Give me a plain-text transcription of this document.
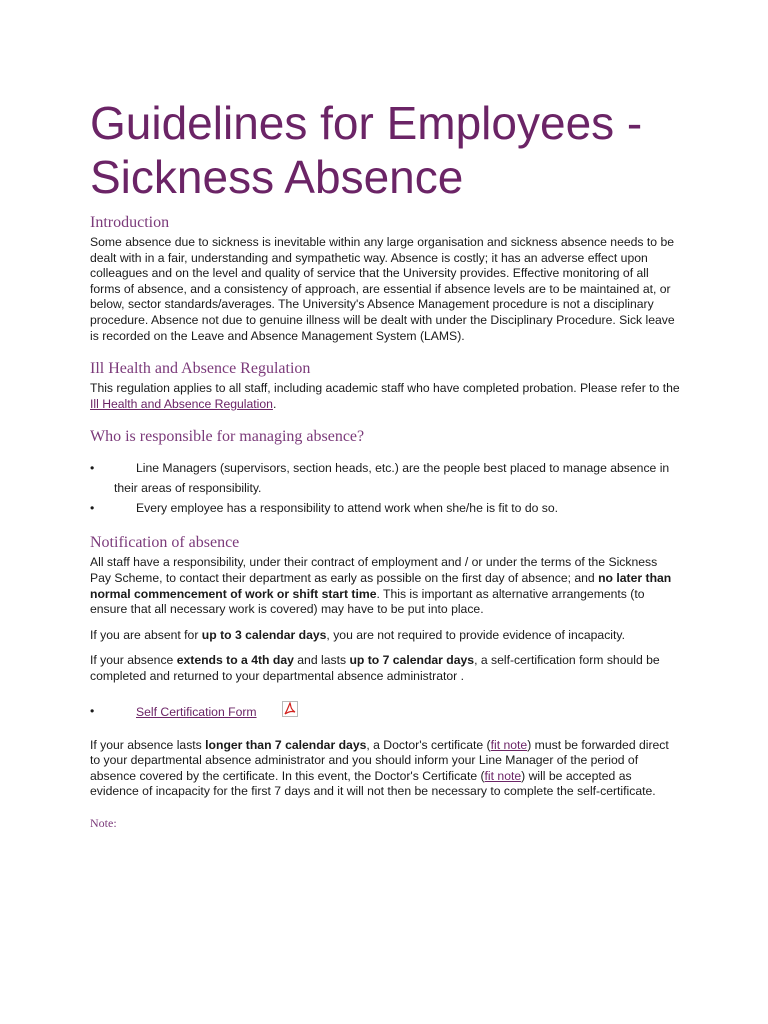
Guidelines for Employees -
Sickness Absence
Introduction

Some absence due to sickness is inevitable within any large organisation and sickness absence needs to be dealt with in a fair, understanding and sympathetic way. Absence is costly; it has an adverse effect upon colleagues and on the level and quality of service that the University provides. Effective monitoring of all forms of absence, and a consistency of approach, are essential if absence levels are to be maintained at, or below, sector standards/averages. The University's Absence Management procedure is not a disciplinary procedure. Absence not due to genuine illness will be dealt with under the Disciplinary Procedure. Sick leave is recorded on the Leave and Absence Management System (LAMS).

Ill Health and Absence Regulation

This regulation applies to all staff, including academic staff who have completed probation. Please refer to the Ill Health and Absence Regulation.

Who is responsible for managing absence?
•	Line Managers (supervisors, section heads, etc.) are the people best placed to manage absence in their areas of responsibility.
•	Every employee has a responsibility to attend work when she/he is fit to do so.
Notification of absence

All staff have a responsibility, under their contract of employment and / or under the terms of the Sickness Pay Scheme, to contact their department as early as possible on the first day of absence; and no later than normal commencement of work or shift start time. This is important as alternative arrangements (to ensure that all necessary work is covered) may have to be put into place.

If you are absent for up to 3 calendar days, you are not required to provide evidence of incapacity.

If your absence extends to a 4th day and lasts up to 7 calendar days, a self-certification form should be completed and returned to your departmental absence administrator .

•	Self Certification Form

If your absence lasts longer than 7 calendar days, a Doctor's certificate (fit note) must be forwarded direct to your departmental absence administrator and you should inform your Line Manager of the period of absence covered by the certificate. In this event, the Doctor's Certificate (fit note) will be accepted as evidence of incapacity for the first 7 days and it will not then be necessary to complete the self-certificate.

Note:
